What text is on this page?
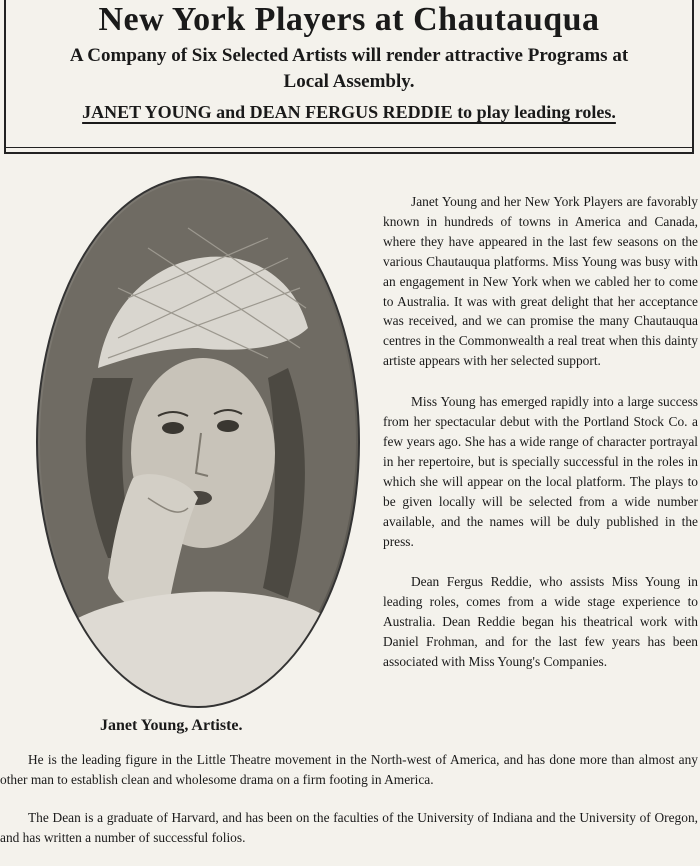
New York Players at Chautauqua
A Company of Six Selected Artists will render attractive Programs at
Local Assembly.
JANET YOUNG and DEAN FERGUS REDDIE to play leading roles.
Janet Young, Artiste.

Janet Young and her New York Players are favorably known in hundreds of towns in America and Canada, where they have appeared in the last few seasons on the various Chautauqua platforms. Miss Young was busy with an engagement in New York when we cabled her to come to Australia. It was with great delight that her acceptance was received, and we can promise the many Chautauqua centres in the Commonwealth a real treat when this dainty artiste appears with her selected support.

Miss Young has emerged rapidly into a large success from her spectacular debut with the Portland Stock Co. a few years ago. She has a wide range of character portrayal in her repertoire, but is specially successful in the roles in which she will appear on the local platform. The plays to be given locally will be selected from a wide number available, and the names will be duly published in the press.

Dean Fergus Reddie, who assists Miss Young in leading roles, comes from a wide stage experience to Australia. Dean Reddie began his theatrical work with Daniel Frohman, and for the last few years has been associated with Miss Young's Companies.

He is the leading figure in the Little Theatre movement in the North-west of America, and has done more than almost any other man to establish clean and wholesome drama on a firm footing in America.

The Dean is a graduate of Harvard, and has been on the faculties of the University of Indiana and the University of Oregon, and has written a number of successful folios.
